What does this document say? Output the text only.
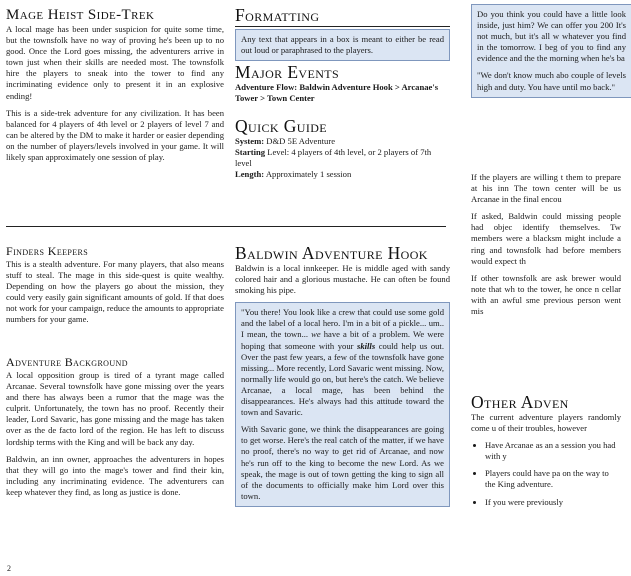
Mage Heist Side-Trek

A local mage has been under suspicion for quite some time, but the townsfolk have no way of proving he's been up to no good. Once the Lord goes missing, the adventurers arrive in town just when their skills are needed most. The townsfolk hire the players to sneak into the tower to find any incriminating evidence only to present it in an explosive ending!

This is a side-trek adventure for any civilization. It has been balanced for 4 players of 4th level or 2 players of level 7 and can be altered by the DM to make it harder or easier depending on the number of players/levels involved in your game. It will likely span approximately one session of play.

Finders Keepers

This is a stealth adventure. For many players, that also means stuff to steal. The mage in this side-quest is quite wealthy. Depending on how the players go about the mission, they could very easily gain significant amounts of gold. If that does not work for your campaign, reduce the amounts to appropriate numbers for your game.

Adventure Background

A local opposition group is tired of a tyrant mage called Arcanae. Several townsfolk have gone missing over the years and there has always been a rumor that the mage was the culprit. Unfortunately, the town has no proof. Recently their leader, Lord Savaric, has gone missing and the mage has taken over as the de facto lord of the region. He has left to discuss lordship terms with the King and will be back any day.

Baldwin, an inn owner, approaches the adventurers in hopes that they will go into the mage's tower and find their kin, including any incriminating evidence. The adventurers can keep whatever they find, as long as justice is done.

Formatting

Any text that appears in a box is meant to either be read out loud or paraphrased to the players.

Major Events

Adventure Flow: Baldwin Adventure Hook > Arcanae's Tower > Town Center

Quick Guide

System: D&D 5E Adventure

Starting Level: 4 players of 4th level, or 2 players of 7th level

Length: Approximately 1 session

Baldwin Adventure Hook

Baldwin is a local innkeeper. He is middle aged with sandy colored hair and a glorious mustache. He can often be found smoking his pipe.

"You there! You look like a crew that could use some gold and the label of a local hero. I'm in a bit of a pickle... um.. I mean, the town... we have a bit of a problem. We were hoping that someone with your skills could help us out. Over the past few years, a few of the townsfolk have gone missing... More recently, Lord Savaric went missing. Now, normally life would go on, but here's the catch. We believe Arcanae, a local mage, has been behind the disappearances. He's always had this attitude toward the town and Savaric.

With Savaric gone, we think the disappearances are going to get worse. Here's the real catch of the matter, if we have no proof, there's no way to get rid of Arcanae, and now he's run off to the king to become the new Lord. As we speak, the mage is out of town getting the king to sign all of the documents to officially make him Lord over this town.

Do you think you could have a little look inside, just him? We can offer you 200 It's not much, but it's all w whatever you find in the tomorrow. I beg of you to find any evidence and the the morning when he's ba

"We don't know much abo couple of levels high and duty. You have until mo back."

If the players are willing t them to prepare at his inn The town center will be us Arcanae in the final encou

If asked, Baldwin could missing people had objec identify themselves. Tw members were a blacksm might include a ring and townsfolk had before members would expect th

If other townsfolk are ask brewer would note that wh to the tower, he once n cellar with an awful sme previous person went mis

Other Adven

The current adventure players randomly come u of their troubles, however

• Have Arcanae as an a session you had with y
• Players could have pa on the way to the King adventure.
• If you were previously
2
